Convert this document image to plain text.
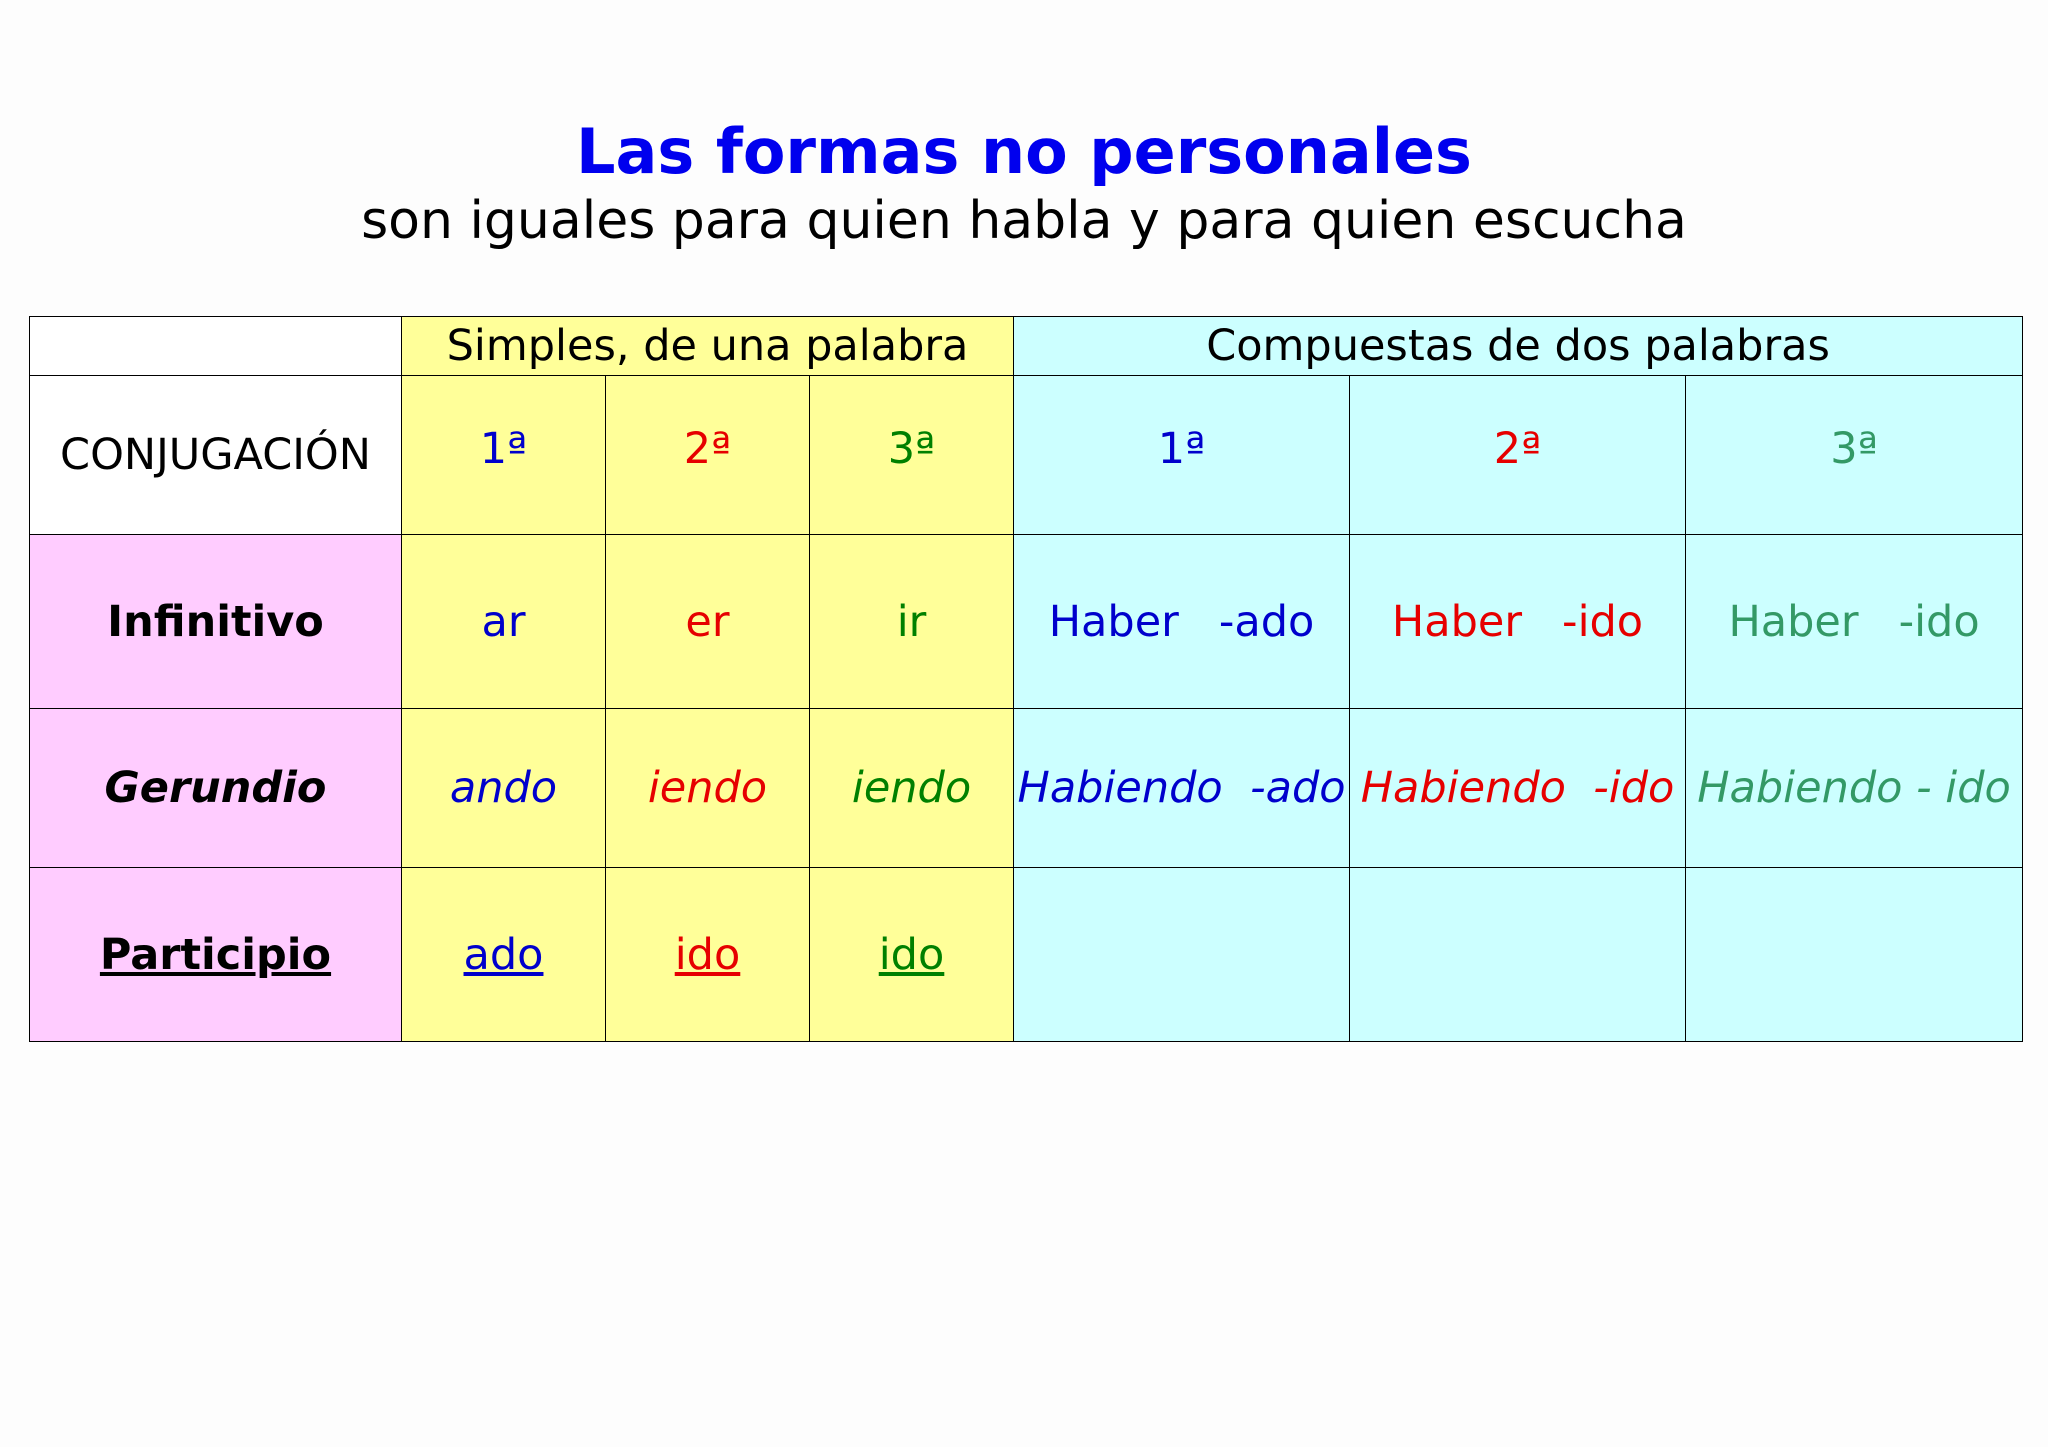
Las formas no personales
son iguales para quien habla y para quien escucha
	Simples, de una palabra			Compuestas de dos palabras		
CONJUGACIÓN	1ª	2ª	3ª	1ª	2ª	3ª
Infinitivo	ar	er	ir	Haber -ado	Haber -ido	Haber -ido
Gerundio	ando	iendo	iendo	Habiendo -ado	Habiendo -ido	Habiendo - ido
Participio	ado	ido	ido			
